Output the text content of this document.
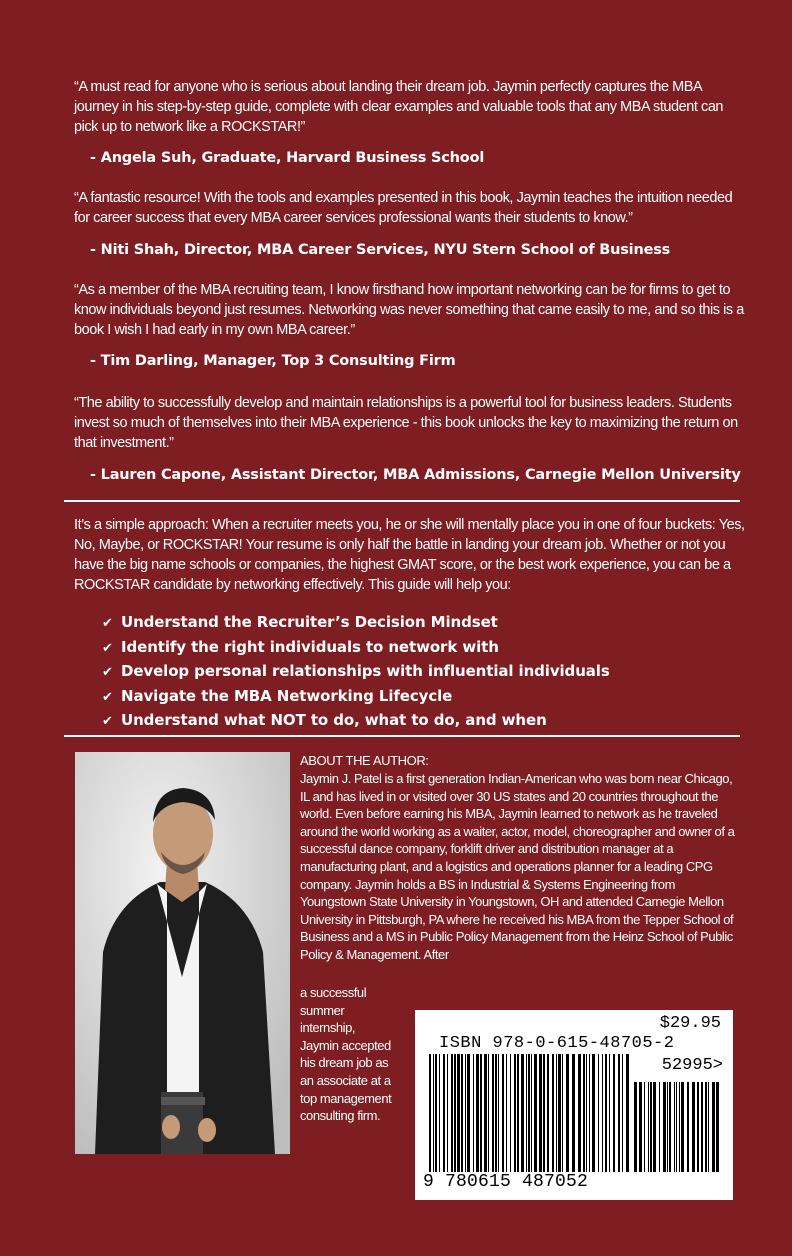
“A must read for anyone who is serious about landing their dream job. Jaymin perfectly captures the MBA journey in his step-by-step guide, complete with clear examples and valuable tools that any MBA student can pick up to network like a ROCKSTAR!”
- Angela Suh, Graduate, Harvard Business School
“A fantastic resource! With the tools and examples presented in this book, Jaymin teaches the intuition needed for career success that every MBA career services professional wants their students to know.”
- Niti Shah, Director, MBA Career Services, NYU Stern School of Business
“As a member of the MBA recruiting team, I know firsthand how important networking can be for firms to get to know individuals beyond just resumes. Networking was never something that came easily to me, and so this is a book I wish I had early in my own MBA career.”
- Tim Darling, Manager, Top 3 Consulting Firm
“The ability to successfully develop and maintain relationships is a powerful tool for business leaders. Students invest so much of themselves into their MBA experience - this book unlocks the key to maximizing the return on that investment.”
- Lauren Capone, Assistant Director, MBA Admissions, Carnegie Mellon University
It’s a simple approach: When a recruiter meets you, he or she will mentally place you in one of four buckets: Yes, No, Maybe, or ROCKSTAR! Your resume is only half the battle in landing your dream job. Whether or not you have the big name schools or companies, the highest GMAT score, or the best work experience, you can be a ROCKSTAR candidate by networking effectively. This guide will help you:
✔ Understand the Recruiter’s Decision Mindset
✔ Identify the right individuals to network with
✔ Develop personal relationships with influential individuals
✔ Navigate the MBA Networking Lifecycle
✔ Understand what NOT to do, what to do, and when
ABOUT THE AUTHOR:
Jaymin J. Patel is a first generation Indian-American who was born near Chicago, IL and has lived in or visited over 30 US states and 20 countries throughout the world. Even before earning his MBA, Jaymin learned to network as he traveled around the world working as a waiter, actor, model, choreographer and owner of a successful dance company, forklift driver and distribution manager at a manufacturing plant, and a logistics and operations planner for a leading CPG company. Jaymin holds a BS in Industrial & Systems Engineering from Youngstown State University in Youngstown, OH and attended Carnegie Mellon University in Pittsburgh, PA where he received his MBA from the Tepper School of Business and a MS in Public Policy Management from the Heinz School of Public Policy & Management. After
a successful
summer
internship,
Jaymin accepted
his dream job as
an associate at a
top management
consulting firm.
$29.95
ISBN 978-0-615-48705-2
52995>
9 780615 487052
